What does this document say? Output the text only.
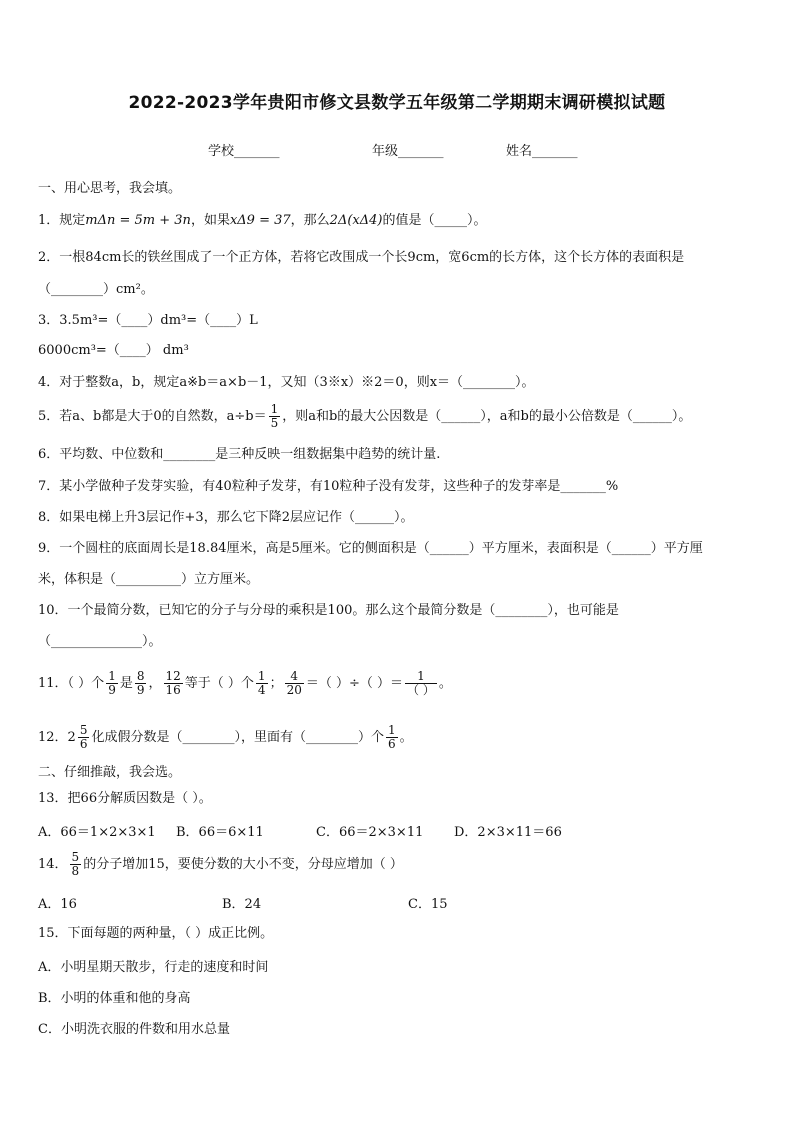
2022-2023学年贵阳市修文县数学五年级第二学期期末调研模拟试题
学校_______	年级_______	姓名_______
一、用心思考，我会填。
1．规定mΔn = 5m + 3n，如果xΔ9 = 37，那么2Δ(xΔ4)的值是（_____）。
2．一根84cm长的铁丝围成了一个正方体，若将它改围成一个长9cm，宽6cm的长方体，这个长方体的表面积是
（________）cm²。
3．3.5m³=（____）dm³=（____）L
6000cm³=（____） dm³
4．对于整数a，b，规定a※b＝a×b－1，又知（3※x）※2＝0，则x＝（________）。
5．若a、b都是大于0的自然数，$a\div b= \frac{1}{5}$ ，则a和b的最大公因数是（______），a和b的最小公倍数是（______）。
6．平均数、中位数和________是三种反映一组数据集中趋势的统计量.
7．某小学做种子发芽实验，有40粒种子发芽，有10粒种子没有发芽，这些种子的发芽率是_______%
8．如果电梯上升3层记作+3，那么它下降2层应记作（______）。
9．一个圆柱的底面周长是18.84厘米，高是5厘米。它的侧面积是（______）平方厘米，表面积是（______）平方厘
米，体积是（__________）立方厘米。
10．一个最简分数，已知它的分子与分母的乘积是100。那么这个最简分数是（________），也可能是
（______________）。
11．（ ）个 $\frac{1}{9}$ 是 $\frac{8}{9}$ ， $\frac{12}{16}$ 等于（ ）个 $\frac{1}{4}$ ； $\frac{4}{20}$ ＝（ ）÷（ ）＝ $\frac{1}{( )}$ 。
12．$2 \frac{5}{6}$ 化成假分数是（________），里面有（________）个 $\frac{1}{6}$ 。
二、仔细推敲，我会选。
13．把66分解质因数是（ ）。
A．66＝1×2×3×1 B．66＝6×11	C．66＝2×3×11 D．2×3×11＝66
14． $\frac{5}{8}$ 的分子增加15，要使分数的大小不变，分母应增加（ ）
A．16	B．24	C．15
15．下面每题的两种量，（ ）成正比例。
A．小明星期天散步，行走的速度和时间
B．小明的体重和他的身高
C．小明洗衣服的件数和用水总量
